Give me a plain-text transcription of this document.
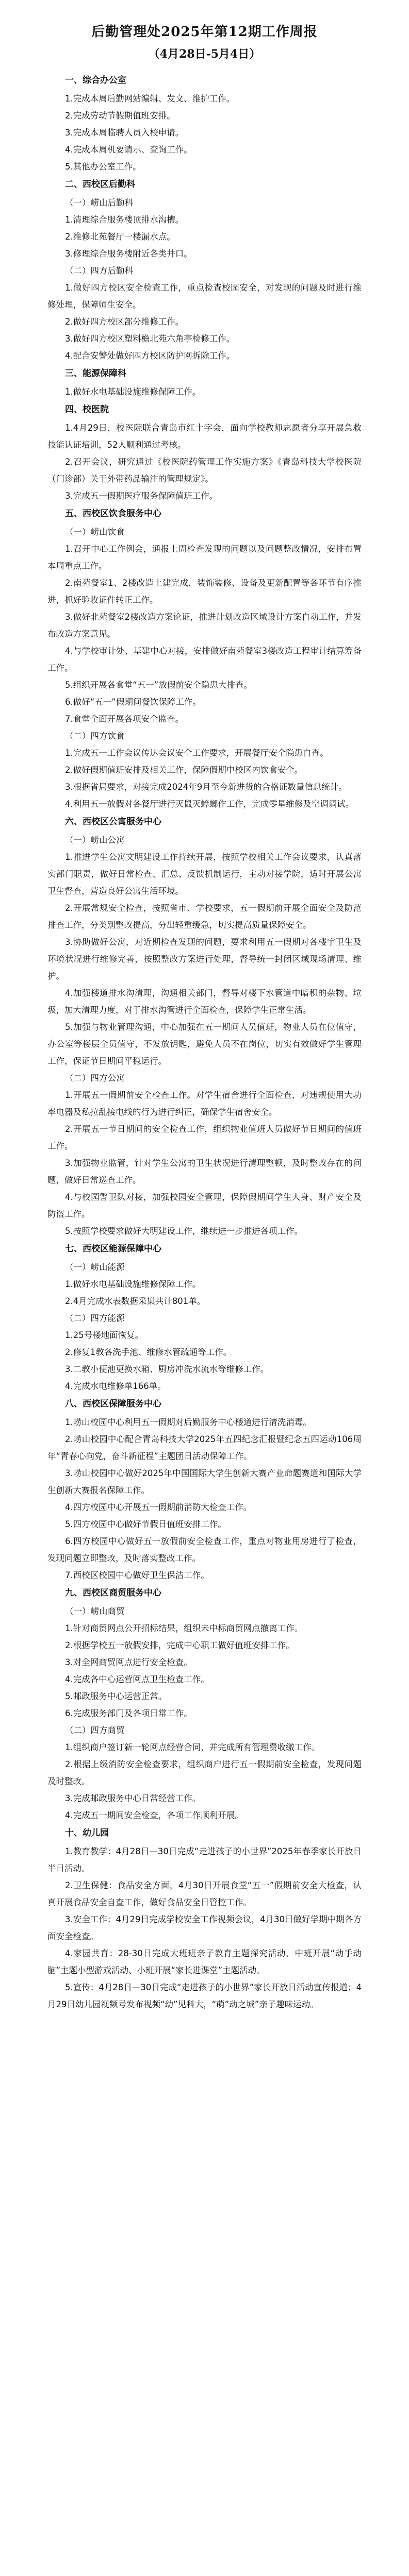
后勤管理处2025年第12期工作周报
（4月28日-5月4日）
一、综合办公室

1.完成本周后勤网站编辑、发文、维护工作。

2.完成劳动节假期值班安排。

3.完成本周临聘人员入校申请。

4.完成本周机要请示、查询工作。

5.其他办公室工作。

二、西校区后勤科
（一）崂山后勤科

1.清理综合服务楼顶排水沟槽。

2.维修北苑餐厅一楼漏水点。

3.修理综合服务楼附近各类井口。

（二）四方后勤科

1.做好四方校区安全检查工作，重点检查校园安全，对发现的问题及时进行维修处理，保障师生安全。

2.做好四方校区部分维修工作。

3.做好四方校区塑料檐北苑六角亭检修工作。

4.配合安警处做好四方校区防护网拆除工作。

三、能源保障科

1.做好水电基础设施维修保障工作。

四、校医院

1.4月29日，校医院联合青岛市红十字会，面向学校教师志愿者分享开展急救技能认证培训，52人顺利通过考核。

2.召开会议，研究通过《校医院药管理工作实施方案》《青岛科技大学校医院（门诊部）关于外带药品输注的管理规定》。

3.完成五一假期医疗服务保障值班工作。

五、西校区饮食服务中心
（一）崂山饮食

1.召开中心工作例会，通报上周检查发现的问题以及问题整改情况，安排布置本周重点工作。

2.南苑餐室1、2楼改造土建完成，装饰装修、设备及更新配置等各环节有序推进，抓好验收证件转正工作。

3.做好北苑餐室2楼改造方案论证，推进计划改造区域设计方案自动工作，并发布改造方案意见。

4.与学校审计处、基建中心对接，安排做好南苑餐室3楼改造工程审计结算筹备工作。

5.组织开展各食堂“五一”放假前安全隐患大排查。

6.做好“五一”假期间餐饮保障工作。

7.食堂全面开展各项安全监查。

（二）四方饮食

1.完成五一工作会议传达会议安全工作要求，开展餐厅安全隐患自查。

2.做好假期值班安排及相关工作，保障假期中校区内饮食安全。

3.根据省局要求，对接完成2024年9月至今新进货的合格证数量信息统计。

4.利用五一放假对各餐厅进行灭鼠灭蟑螂作工作，完成零星维修及空调调试。

六、西校区公寓服务中心
（一）崂山公寓

1.推进学生公寓文明建设工作持续开展，按照学校相关工作会议要求，认真落实部门职责，做好日常检查、汇总、反馈机制运行，主动对接学院，适时开展公寓卫生督查，营造良好公寓生活环境。

2.开展常规安全检查，按照省市、学校要求，五一假期前开展全面安全及防范排查工作，分类别整改提高，分出轻重缓急，切实提高质量保障安全。

3.协助做好公寓，对近期检查发现的问题，要求利用五一假期对各楼宇卫生及环境状况进行维修完善，按照整改方案进行处理，督导统一封闭区域现场清理、维护。

4.加强楼道排水沟清理，沟通相关部门，督导对楼下水管道中暗积的杂物、垃圾，加大清理力度，对于排水沟管进行全面检查，保障学生正常生活。

5.加强与物业管理沟通，中心加强在五一期间人员值班，物业人员在位值守，办公室等楼层全员值守，不发放钥匙，避免人员不在岗位，切实有效做好学生管理工作，保证节日期间平稳运行。

（二）四方公寓

1.开展五一假期前安全检查工作。对学生宿舍进行全面检查，对违规使用大功率电器及私拉乱接电线的行为进行纠正，确保学生宿舍安全。

2.开展五一节日期间的安全检查工作，组织物业值班人员做好节日期间的值班工作。

3.加强物业监管，针对学生公寓的卫生状况进行清理整顿，及时整改存在的问题，做好日常巡查工作。

4.与校园警卫队对接，加强校园安全管理，保障假期间学生人身、财产安全及防盗工作。

5.按照学校要求做好大明建设工作，继续进一步推进各项工作。

七、西校区能源保障中心
（一）崂山能源

1.做好水电基础设施维修保障工作。

2.4月完成水表数据采集共计801单。

（二）四方能源

1.25号楼地面恢复。

2.修复1教各洗手池、维修水管疏通等工作。

3.二教小便池更换水箱、厨房冲洗水流水等维修工作。

4.完成水电维修单166单。

八、西校区保障服务中心

1.崂山校园中心利用五一假期对后勤服务中心楼道进行清洗消毒。

2.崂山校园中心配合青岛科技大学2025年五四纪念汇报暨纪念五四运动106周年“青春心向党，奋斗新征程”主题团日活动保障工作。

3.崂山校园中心做好2025年中国国际大学生创新大赛产业命题赛道和国际大学生创新大赛报名保障工作。

4.四方校园中心开展五一假期前消防大检查工作。

5.四方校园中心做好节假日值班安排工作。

6.四方校园中心做好五一放假前安全检查工作，重点对物业用房进行了检查，发现问题立即整改，及时落实整改工作。

7.西校区校园中心做好卫生保洁工作。

九、西校区商贸服务中心
（一）崂山商贸

1.针对商贸网点公开招标结果，组织未中标商贸网点撤离工作。

2.根据学校五一放假安排，完成中心职工做好值班安排工作。

3.对全网商贸网点进行安全检查。

4.完成各中心运营网点卫生检查工作。

5.邮政服务中心运营正常。

6.完成服务部门及各项日常工作。

（二）四方商贸

1.组织商户签订新一轮网点经营合同，并完成所有管理费收缴工作。

2.根据上级消防安全检查要求，组织商户进行五一假期前安全检查，发现问题及时整改。

3.完成邮政服务中心日常经营工作。

4.完成五一期间安全检查，各项工作顺利开展。

十、幼儿园

1.教育教学：4月28日—30日完成“走进孩子的小世界”2025年春季家长开放日半日活动。

2.卫生保健：食品安全方面，4月30日开展食堂“五一”假期前安全大检查，认真开展食品安全自查工作，做好食品安全日管控工作。

3.安全工作：4月29日完成学校安全工作视频会议，4月30日做好学期中期各方面安全检查。

4.家园共育：28-30日完成大班班亲子教育主题探究活动、中班开展“动手动脑”主题小型游戏活动、小班开展“家长进课堂”主题活动。

5.宣传：4月28日—30日完成“走进孩子的小世界”家长开放日活动宣传报道；4月29日幼儿园视频号发布视频“幼”见科大，“萌”动之城”亲子趣味运动。
